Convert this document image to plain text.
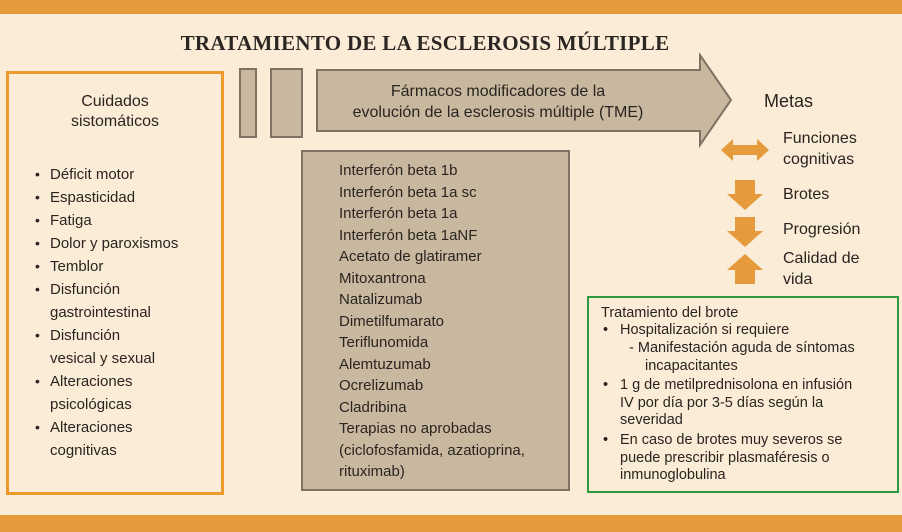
TRATAMIENTO DE LA ESCLEROSIS MÚLTIPLE
Cuidados
sistomáticos
• Déficit motor
• Espasticidad
• Fatiga
• Dolor y paroxismos
• Temblor
• Disfunción
gastrointestinal
• Disfunción
vesical y sexual
• Alteraciones
psicológicas
• Alteraciones
cognitivas
Fármacos modificadores de la
evolución de la esclerosis múltiple (TME)
Interferón beta 1b
Interferón beta 1a sc
Interferón beta 1a
Interferón beta 1aNF
Acetato de glatiramer
Mitoxantrona
Natalizumab
Dimetilfumarato
Teriflunomida
Alemtuzumab
Ocrelizumab
Cladribina
Terapias no aprobadas
(ciclofosfamida, azatioprina,
rituximab)
Metas
Funciones
cognitivas
Brotes
Progresión
Calidad de
vida
Tratamiento del brote
• Hospitalización si requiere
- Manifestación aguda de síntomas
incapacitantes
• 1 g de metilprednisolona en infusión
IV por día por 3-5 días según la
severidad
• En caso de brotes muy severos se
puede prescribir plasmaféresis o
inmunoglobulina
